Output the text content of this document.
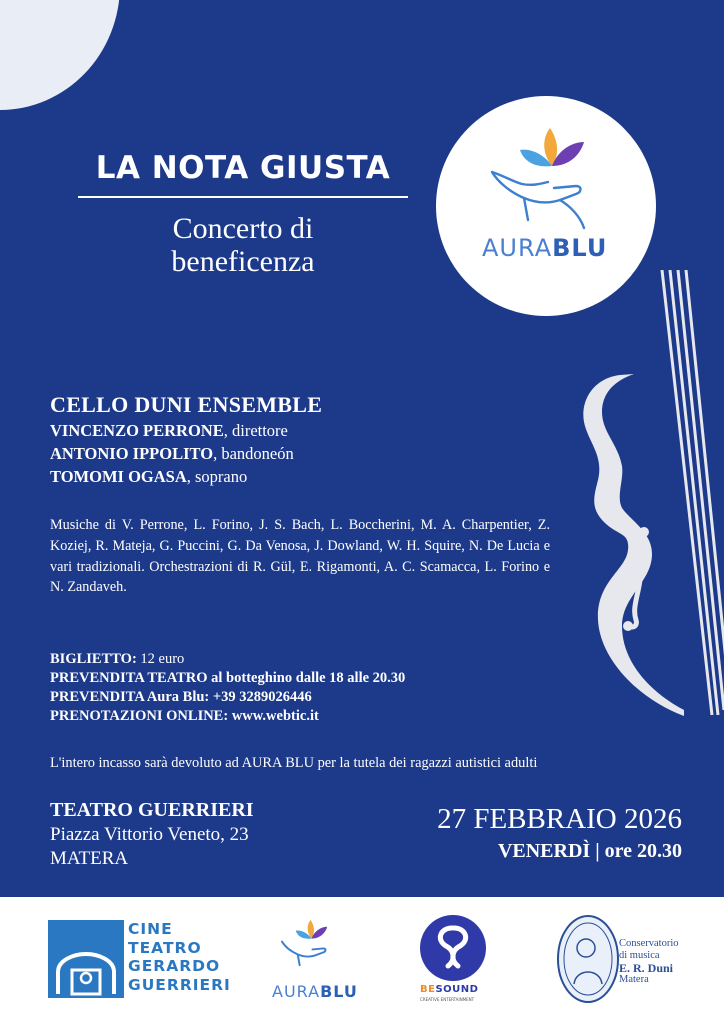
LA NOTA GIUSTA
Concerto di
beneficenza	AURABLU
CELLO DUNI ENSEMBLE
VINCENZO PERRONE, direttore
ANTONIO IPPOLITO, bandoneón
TOMOMI OGASA, soprano
Musiche di V. Perrone, L. Forino, J. S. Bach, L. Boccherini, M. A. Charpentier, Z. Koziej, R. Mateja, G. Puccini, G. Da Venosa, J. Dowland, W. H. Squire, N. De Lucia e vari tradizionali. Orchestrazioni di R. Gül, E. Rigamonti, A. C. Scamacca, L. Forino e N. Zandaveh.
BIGLIETTO: 12 euro
PREVENDITA TEATRO al botteghino dalle 18 alle 20.30
PREVENDITA Aura Blu: +39 3289026446
PRENOTAZIONI ONLINE: www.webtic.it
L'intero incasso sarà devoluto ad AURA BLU per la tutela dei ragazzi autistici adulti
TEATRO GUERRIERI
Piazza Vittorio Veneto, 23
MATERA
27 FEBBRAIO 2026
VENERDÌ | ore 20.30
CINE
TEATRO
GERARDO
GUERRIERI	AURABLU	BESOUND
CREATIVE ENTERTAINMENT
Conservatorio
di musica
E. R. Duni
Matera
